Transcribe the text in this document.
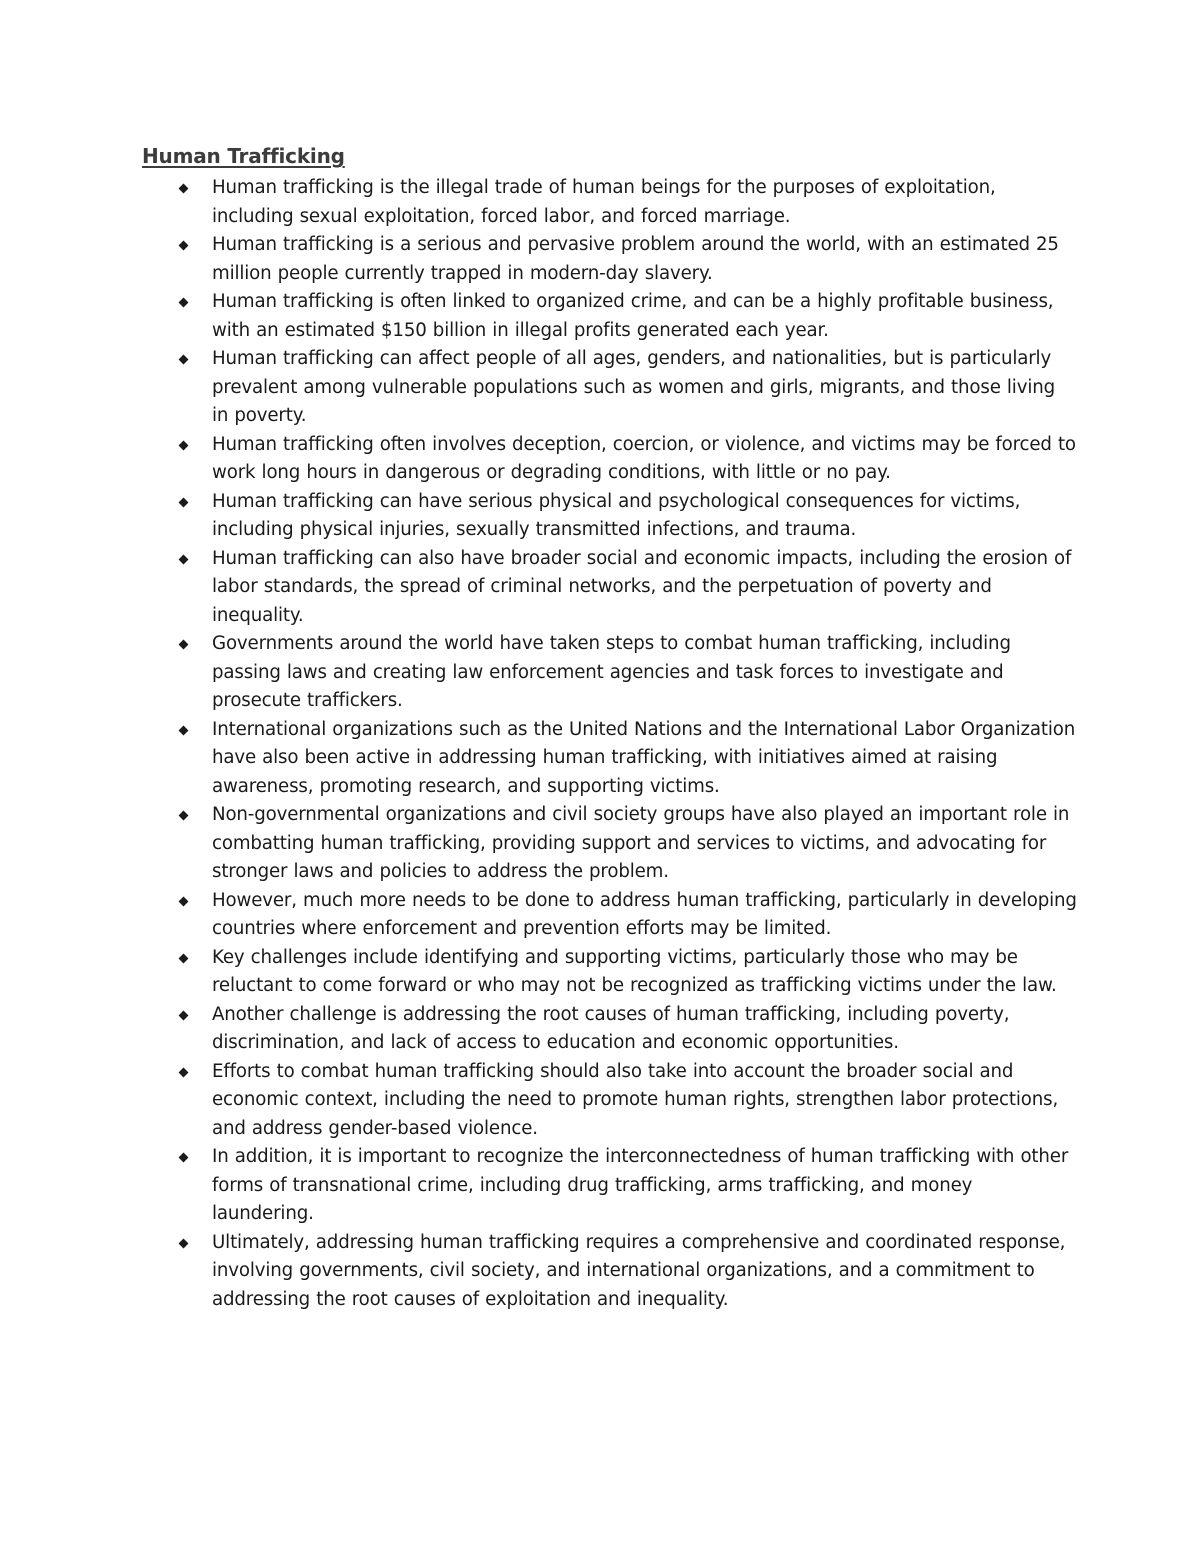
Human Trafficking
Human trafficking is the illegal trade of human beings for the purposes of exploitation, including sexual exploitation, forced labor, and forced marriage.
Human trafficking is a serious and pervasive problem around the world, with an estimated 25 million people currently trapped in modern-day slavery.
Human trafficking is often linked to organized crime, and can be a highly profitable business, with an estimated $150 billion in illegal profits generated each year.
Human trafficking can affect people of all ages, genders, and nationalities, but is particularly prevalent among vulnerable populations such as women and girls, migrants, and those living in poverty.
Human trafficking often involves deception, coercion, or violence, and victims may be forced to work long hours in dangerous or degrading conditions, with little or no pay.
Human trafficking can have serious physical and psychological consequences for victims, including physical injuries, sexually transmitted infections, and trauma.
Human trafficking can also have broader social and economic impacts, including the erosion of labor standards, the spread of criminal networks, and the perpetuation of poverty and inequality.
Governments around the world have taken steps to combat human trafficking, including passing laws and creating law enforcement agencies and task forces to investigate and prosecute traffickers.
International organizations such as the United Nations and the International Labor Organization have also been active in addressing human trafficking, with initiatives aimed at raising awareness, promoting research, and supporting victims.
Non-governmental organizations and civil society groups have also played an important role in combatting human trafficking, providing support and services to victims, and advocating for stronger laws and policies to address the problem.
However, much more needs to be done to address human trafficking, particularly in developing countries where enforcement and prevention efforts may be limited.
Key challenges include identifying and supporting victims, particularly those who may be reluctant to come forward or who may not be recognized as trafficking victims under the law.
Another challenge is addressing the root causes of human trafficking, including poverty, discrimination, and lack of access to education and economic opportunities.
Efforts to combat human trafficking should also take into account the broader social and economic context, including the need to promote human rights, strengthen labor protections, and address gender-based violence.
In addition, it is important to recognize the interconnectedness of human trafficking with other forms of transnational crime, including drug trafficking, arms trafficking, and money laundering.
Ultimately, addressing human trafficking requires a comprehensive and coordinated response, involving governments, civil society, and international organizations, and a commitment to addressing the root causes of exploitation and inequality.
